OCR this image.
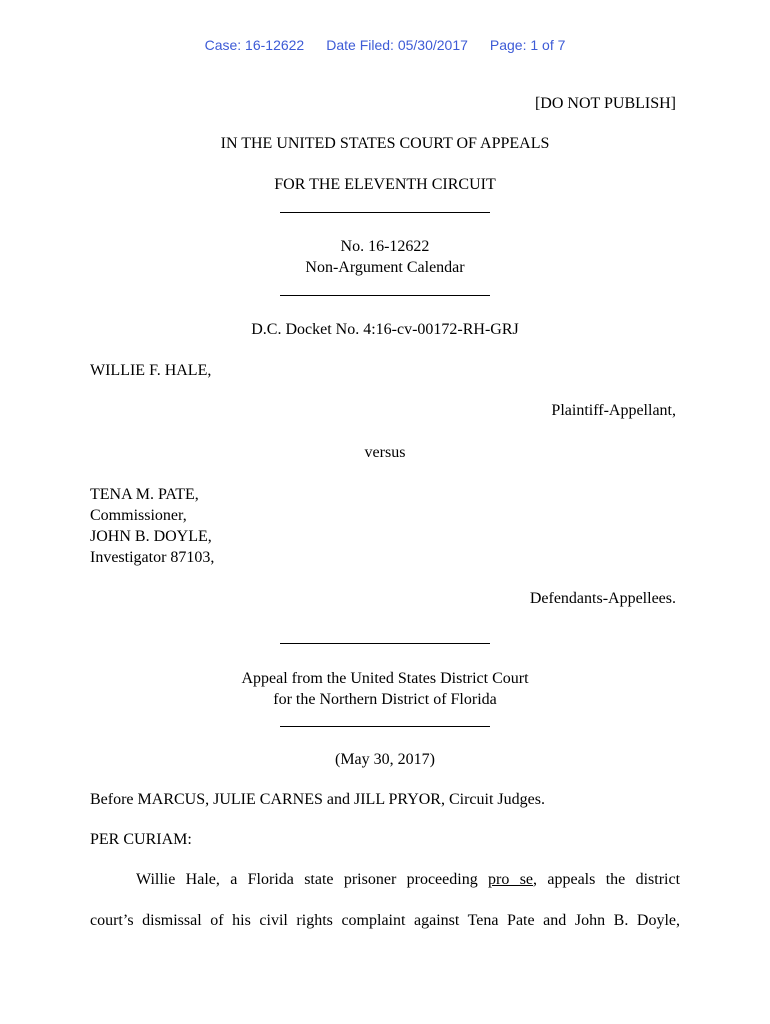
Case: 16-12622 Date Filed: 05/30/2017 Page: 1 of 7
[DO NOT PUBLISH]
IN THE UNITED STATES COURT OF APPEALS
FOR THE ELEVENTH CIRCUIT
No. 16-12622
Non-Argument Calendar
D.C. Docket No. 4:16-cv-00172-RH-GRJ
WILLIE F. HALE,
Plaintiff-Appellant,
versus
TENA M. PATE,
Commissioner,
JOHN B. DOYLE,
Investigator 87103,
Defendants-Appellees.
Appeal from the United States District Court
for the Northern District of Florida
(May 30, 2017)
Before MARCUS, JULIE CARNES and JILL PRYOR, Circuit Judges.
PER CURIAM:
Willie Hale, a Florida state prisoner proceeding pro se, appeals the district
court’s dismissal of his civil rights complaint against Tena Pate and John B. Doyle,
